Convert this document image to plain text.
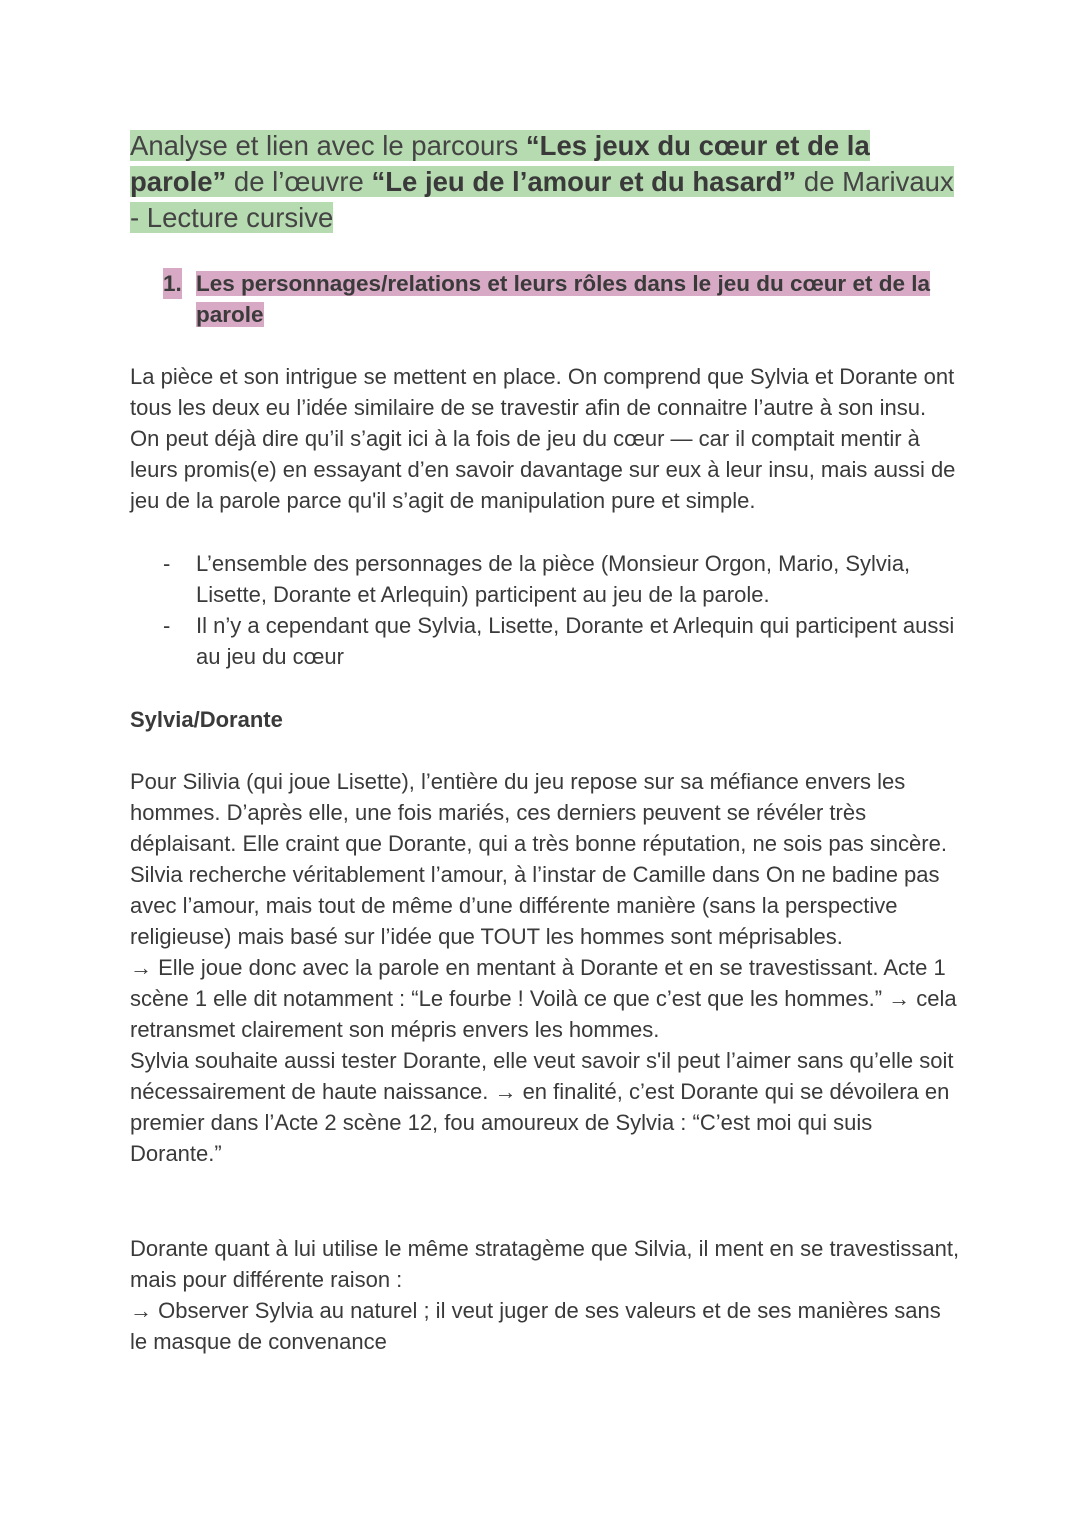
Analyse et lien avec le parcours “Les jeux du cœur et de la parole” de l’œuvre “Le jeu de l’amour et du hasard” de Marivaux - Lecture cursive
1. Les personnages/relations et leurs rôles dans le jeu du cœur et de la parole

La pièce et son intrigue se mettent en place. On comprend que Sylvia et Dorante ont tous les deux eu l’idée similaire de se travestir afin de connaitre l’autre à son insu. On peut déjà dire qu’il s’agit ici à la fois de jeu du cœur — car il comptait mentir à leurs promis(e) en essayant d’en savoir davantage sur eux à leur insu, mais aussi de jeu de la parole parce qu'il s’agit de manipulation pure et simple.

- L’ensemble des personnages de la pièce (Monsieur Orgon, Mario, Sylvia, Lisette, Dorante et Arlequin) participent au jeu de la parole.
- Il n’y a cependant que Sylvia, Lisette, Dorante et Arlequin qui participent aussi au jeu du cœur
Sylvia/Dorante

Pour Silivia (qui joue Lisette), l’entière du jeu repose sur sa méfiance envers les hommes. D’après elle, une fois mariés, ces derniers peuvent se révéler très déplaisant. Elle craint que Dorante, qui a très bonne réputation, ne sois pas sincère. Silvia recherche véritablement l’amour, à l’instar de Camille dans On ne badine pas avec l’amour, mais tout de même d’une différente manière (sans la perspective religieuse) mais basé sur l’idée que TOUT les hommes sont méprisables.

→ Elle joue donc avec la parole en mentant à Dorante et en se travestissant. Acte 1 scène 1 elle dit notamment : “Le fourbe ! Voilà ce que c’est que les hommes.” → cela retransmet clairement son mépris envers les hommes.

Sylvia souhaite aussi tester Dorante, elle veut savoir s'il peut l’aimer sans qu’elle soit nécessairement de haute naissance. → en finalité, c’est Dorante qui se dévoilera en premier dans l’Acte 2 scène 12, fou amoureux de Sylvia : “C’est moi qui suis Dorante.”

Dorante quant à lui utilise le même stratagème que Silvia, il ment en se travestissant, mais pour différente raison :

→ Observer Sylvia au naturel ; il veut juger de ses valeurs et de ses manières sans le masque de convenance
